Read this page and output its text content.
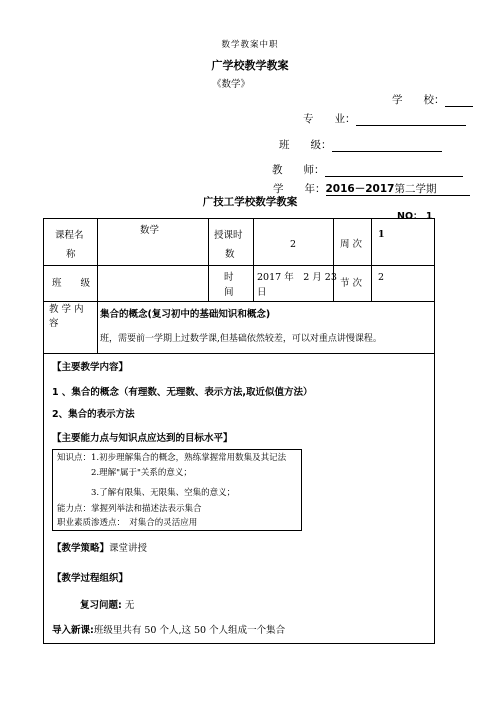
数学教案中职
广学校教学教案
《数学》
学　　校：
专　　业：
班　　级：
教　　师：
学　　年：2016－2017第二学期
广技工学校数学教案
NO： 1
课程名
称
数学	授课时
数
2	周 次
1
班　　级
时
间
2017 年　2 月 23
日
节 次
2
教 学 内
容
集合的概念(复习初中的基础知识和概念)
班，需要前一学期上过数学课,但基础依然较差，可以对重点讲慢课程。
【主要教学内容】
1 、集合的概念（有理数、无理数、表示方法,取近似值方法）
2、集合的表示方法
【主要能力点与知识点应达到的目标水平】
知识点：1.初步理解集合的概念，熟练掌握常用数集及其记法
2.理解"属于"关系的意义；
3.了解有限集、无限集、空集的意义；
能力点：掌握列举法和描述法表示集合
职业素质渗透点：　对集合的灵活应用
【教学策略】课堂讲授
【教学过程组织】
复习问题: 无
导入新课:班级里共有 50 个人,这 50 个人组成一个集合
